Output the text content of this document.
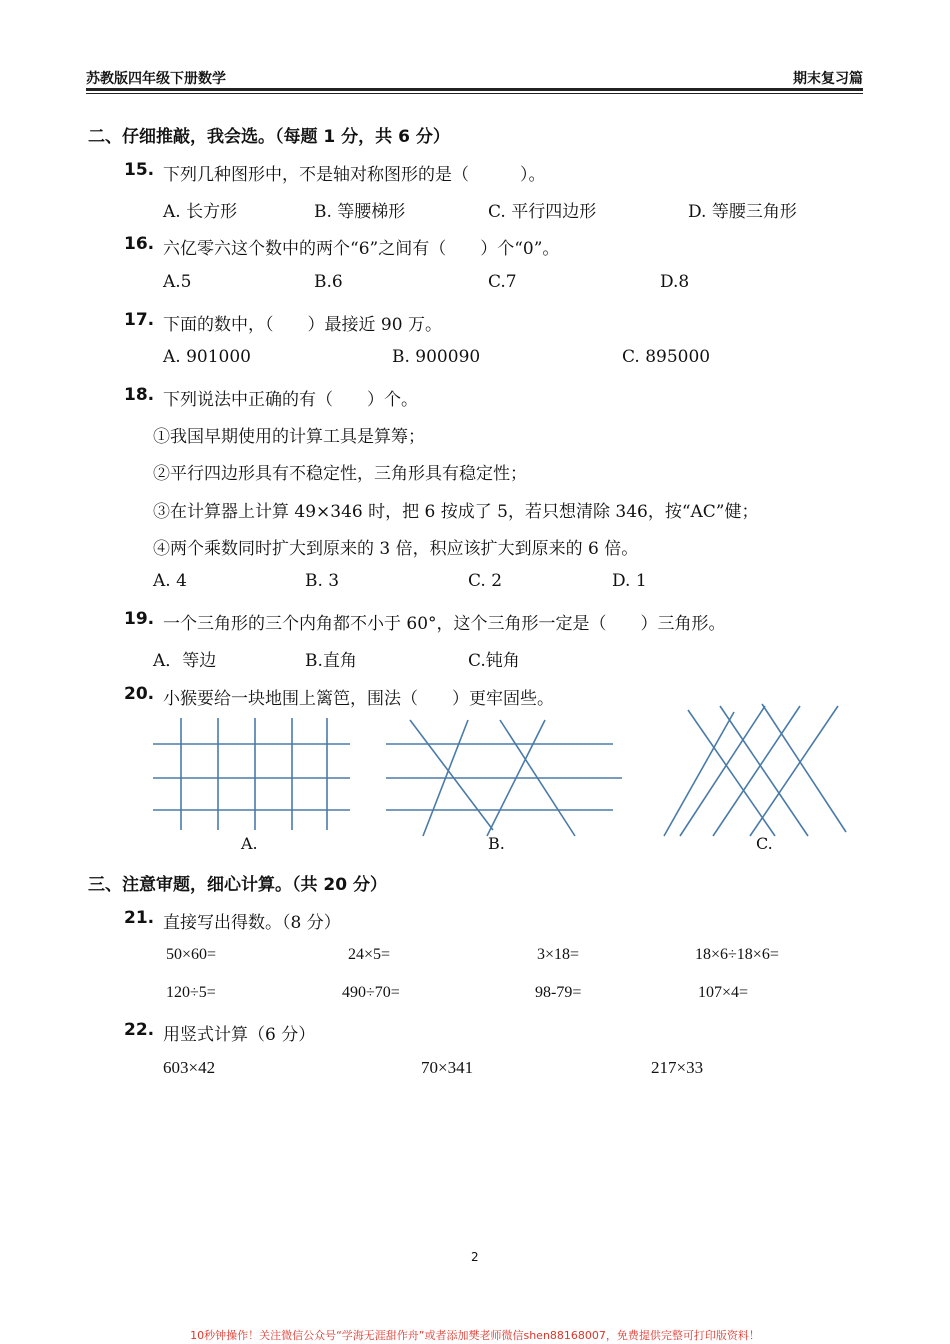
苏教版四年级下册数学	期末复习篇
二、仔细推敲，我会选。（每题 1 分，共 6 分）
15. 下列几种图形中，不是轴对称图形的是（　　　）。
A. 长方形	B. 等腰梯形	C. 平行四边形	D. 等腰三角形
16. 六亿零六这个数中的两个“6”之间有（　　）个“0”。
A.5	B.6	C.7	D.8
17. 下面的数中，（　　）最接近 90 万。
A. 901000	B. 900090	C. 895000
18. 下列说法中正确的有（　　）个。
①我国早期使用的计算工具是算筹；
②平行四边形具有不稳定性，三角形具有稳定性；
③在计算器上计算 49×346 时，把 6 按成了 5，若只想清除 346，按“AC”健；
④两个乘数同时扩大到原来的 3 倍，积应该扩大到原来的 6 倍。
A. 4	B. 3	C. 2	D. 1
19. 一个三角形的三个内角都不小于 60°，这个三角形一定是（　　）三角形。
A．等边	B.直角	C.钝角
20. 小猴要给一块地围上篱笆，围法（　　）更牢固些。
A.	B.	C.
三、注意审题，细心计算。（共 20 分）
21. 直接写出得数。（8 分）
50×60=	24×5=	3×18=	18×6÷18×6=
120÷5=	490÷70=	98-79=	107×4=
22. 用竖式计算（6 分）
603×42	70×341	217×33
2
10秒钟操作！关注微信公众号“学海无涯甜作舟”或者添加樊老师微信shen88168007，免费提供完整可打印版资料！
